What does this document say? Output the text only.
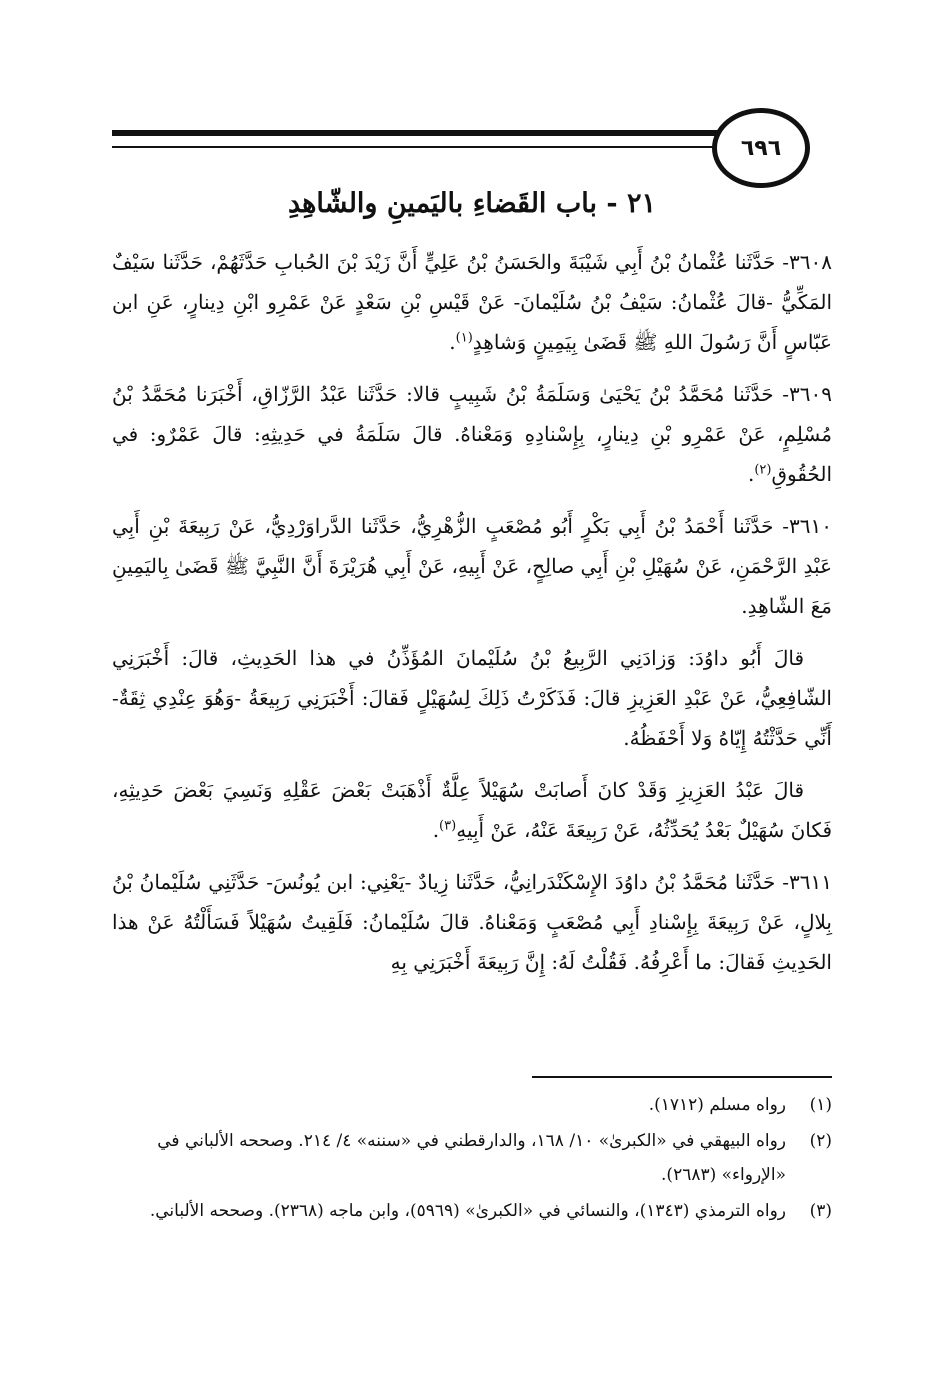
٦٩٦
٢١ - باب القَضاءِ باليَمينِ والشّاهِدِ

٣٦٠٨- حَدَّثَنا عُثْمانُ بْنُ أَبِي شَيْبَةَ والحَسَنُ بْنُ عَلِيٍّ أَنَّ زَيْدَ بْنَ الحُبابِ حَدَّثَهُمْ، حَدَّثَنا سَيْفٌ المَكِّيُّ -قالَ عُثْمانُ: سَيْفُ بْنُ سُلَيْمانَ- عَنْ قَيْسِ بْنِ سَعْدٍ عَنْ عَمْرِو ابْنِ دِينارٍ، عَنِ ابن عَبّاسٍ أَنَّ رَسُولَ اللهِ ﷺ قَضَىٰ بِيَمِينٍ وَشاهِدٍ$^{(١)}$.

٣٦٠٩- حَدَّثَنا مُحَمَّدُ بْنُ يَحْيَىٰ وَسَلَمَةُ بْنُ شَبِيبٍ قالا: حَدَّثَنا عَبْدُ الرَّزّاقِ، أَخْبَرَنا مُحَمَّدُ بْنُ مُسْلِمٍ، عَنْ عَمْرِو بْنِ دِينارٍ، بِإِسْنادِهِ وَمَعْناهُ. قالَ سَلَمَةُ في حَدِيثِهِ: قالَ عَمْرٌو: في الحُقُوقِ$^{(٢)}$.

٣٦١٠- حَدَّثَنا أَحْمَدُ بْنُ أَبِي بَكْرٍ أَبُو مُصْعَبٍ الزُّهْرِيُّ، حَدَّثَنا الدَّراوَرْدِيُّ، عَنْ رَبِيعَةَ بْنِ أَبِي عَبْدِ الرَّحْمَنِ، عَنْ سُهَيْلِ بْنِ أَبِي صالِحٍ، عَنْ أَبِيهِ، عَنْ أَبِي هُرَيْرَةَ أَنَّ النَّبِيَّ ﷺ قَضَىٰ بِاليَمِينِ مَعَ الشّاهِدِ.

قالَ أَبُو داوُدَ: وَزادَنِي الرَّبِيعُ بْنُ سُلَيْمانَ المُؤَذِّنُ في هذا الحَدِيثِ، قالَ: أَخْبَرَنِي الشّافِعِيُّ، عَنْ عَبْدِ العَزِيزِ قالَ: فَذَكَرْتُ ذَلِكَ لِسُهَيْلٍ فَقالَ: أَخْبَرَنِي رَبِيعَةُ -وَهُوَ عِنْدِي ثِقَةٌ- أَنِّي حَدَّثْتُهُ إِيّاهُ وَلا أَحْفَظُهُ.

قالَ عَبْدُ العَزِيزِ وَقَدْ كانَ أَصابَتْ سُهَيْلاً عِلَّةٌ أَذْهَبَتْ بَعْضَ عَقْلِهِ وَنَسِيَ بَعْضَ حَدِيثِهِ، فَكانَ سُهَيْلٌ بَعْدُ يُحَدِّثُهُ، عَنْ رَبِيعَةَ عَنْهُ، عَنْ أَبِيهِ$^{(٣)}$.

٣٦١١- حَدَّثَنا مُحَمَّدُ بْنُ داوُدَ الإِسْكَنْدَرانِيُّ، حَدَّثَنا زِيادٌ -يَعْنِي: ابن يُونُسَ- حَدَّثَنِي سُلَيْمانُ بْنُ بِلالٍ، عَنْ رَبِيعَةَ بِإِسْنادِ أَبِي مُصْعَبٍ وَمَعْناهُ. قالَ سُلَيْمانُ: فَلَقِيتُ سُهَيْلاً فَسَأَلْتُهُ عَنْ هذا الحَدِيثِ فَقالَ: ما أَعْرِفُهُ. فَقُلْتُ لَهُ: إِنَّ رَبِيعَةَ أَخْبَرَنِي بِهِ

(١)
رواه مسلم (١٧١٢).
(٢)
رواه البيهقي في «الكبرىٰ» ١٠/ ١٦٨، والدارقطني في «سننه» ٤/ ٢١٤. وصححه الألباني في «الإرواء» (٢٦٨٣).
(٣)
رواه الترمذي (١٣٤٣)، والنسائي في «الكبرىٰ» (٥٩٦٩)، وابن ماجه (٢٣٦٨). وصححه الألباني.
